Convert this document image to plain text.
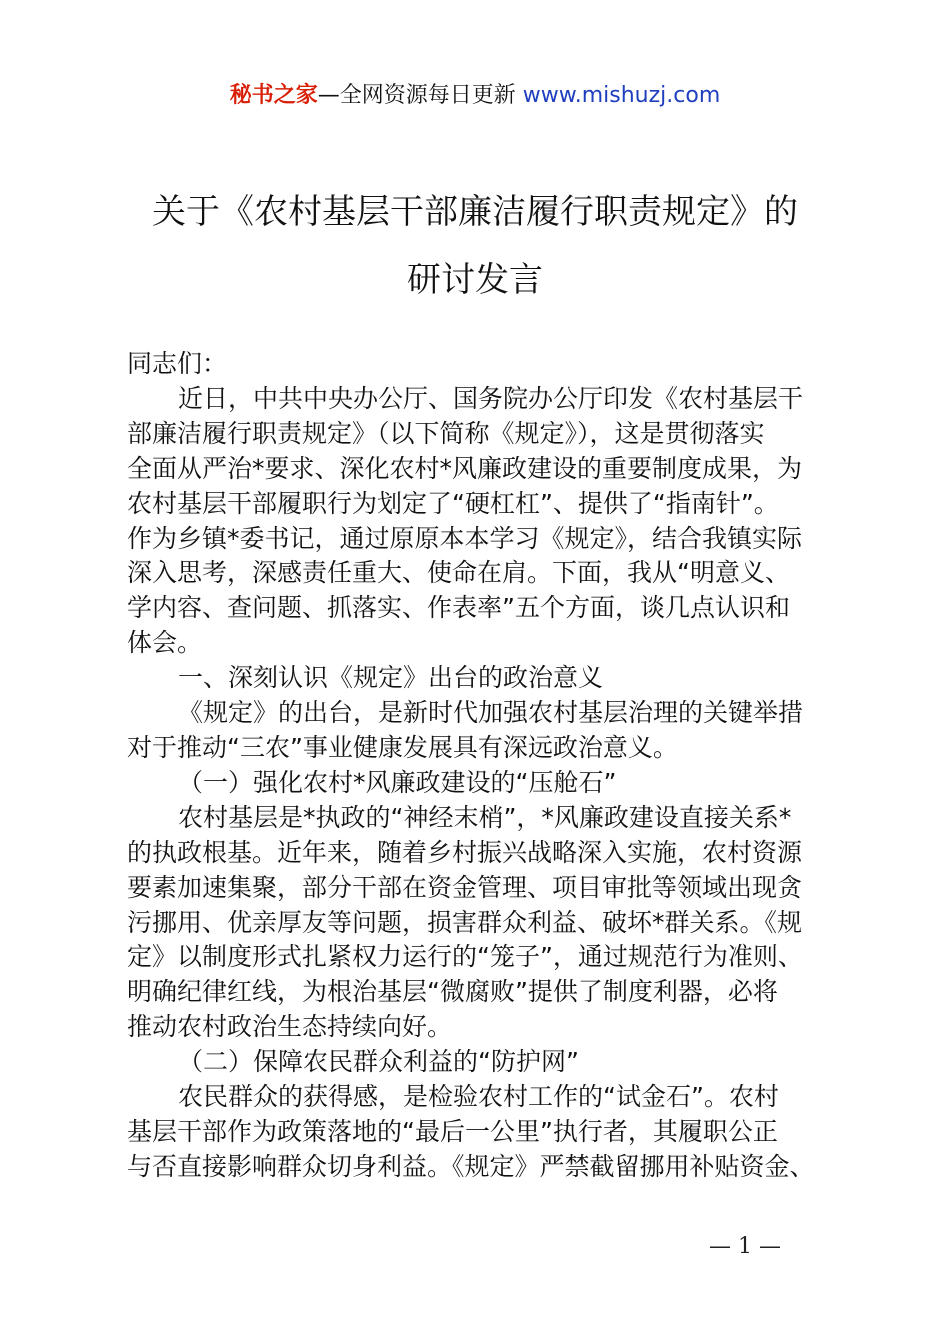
秘书之家—全网资源每日更新 www.mishuzj.com
关于《农村基层干部廉洁履行职责规定》的
研讨发言

同志们：

近日，中共中央办公厅、国务院办公厅印发《农村基层干
部廉洁履行职责规定》（以下简称《规定》），这是贯彻落实
全面从严治*要求、深化农村*风廉政建设的重要制度成果，为
农村基层干部履职行为划定了“硬杠杠”、提供了“指南针”。
作为乡镇*委书记，通过原原本本学习《规定》，结合我镇实际
深入思考，深感责任重大、使命在肩。下面，我从“明意义、
学内容、查问题、抓落实、作表率”五个方面，谈几点认识和
体会。

一、深刻认识《规定》出台的政治意义

《规定》的出台，是新时代加强农村基层治理的关键举措
对于推动“三农”事业健康发展具有深远政治意义。

（一）强化农村*风廉政建设的“压舱石”

农村基层是*执政的“神经末梢”，*风廉政建设直接关系*
的执政根基。近年来，随着乡村振兴战略深入实施，农村资源
要素加速集聚，部分干部在资金管理、项目审批等领域出现贪
污挪用、优亲厚友等问题，损害群众利益、破坏*群关系。《规
定》以制度形式扎紧权力运行的“笼子”，通过规范行为准则、
明确纪律红线，为根治基层“微腐败”提供了制度利器，必将
推动农村政治生态持续向好。

（二）保障农民群众利益的“防护网”

农民群众的获得感，是检验农村工作的“试金石”。农村
基层干部作为政策落地的“最后一公里”执行者，其履职公正
与否直接影响群众切身利益。《规定》严禁截留挪用补贴资金、

— 1 —
